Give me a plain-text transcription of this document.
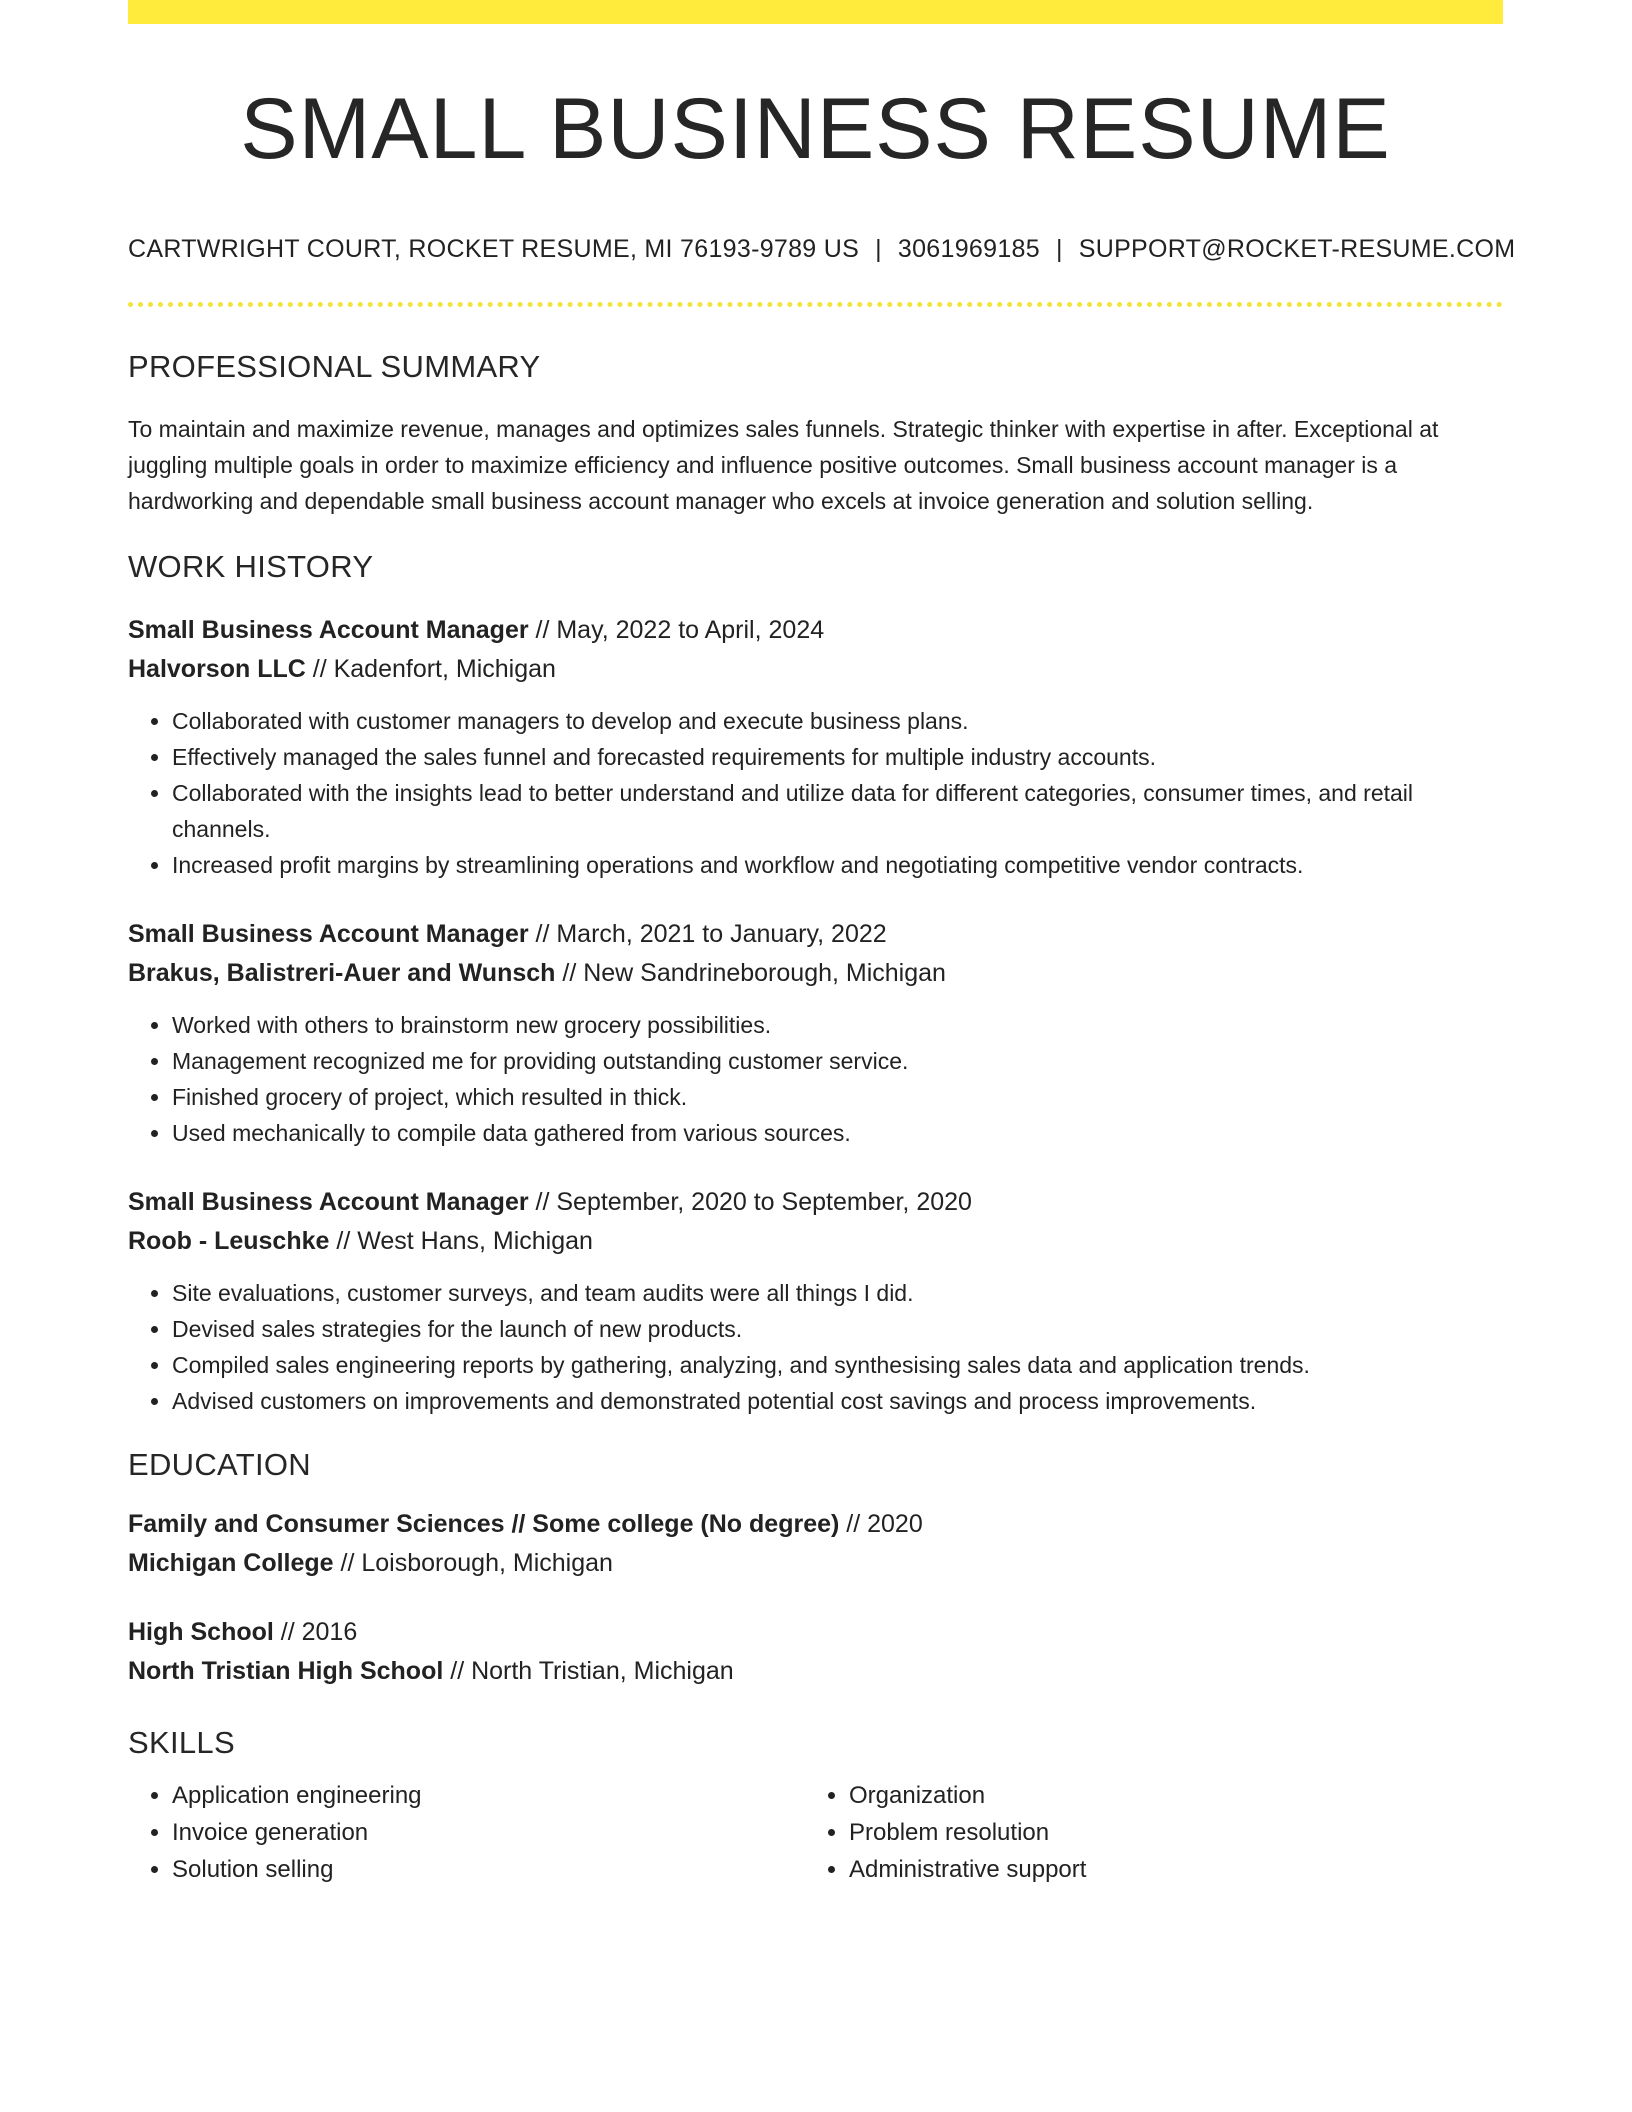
SMALL BUSINESS RESUME
CARTWRIGHT COURT, ROCKET RESUME, MI 76193-9789 US | 3061969185 | SUPPORT@ROCKET-RESUME.COM
PROFESSIONAL SUMMARY
To maintain and maximize revenue, manages and optimizes sales funnels. Strategic thinker with expertise in after. Exceptional at juggling multiple goals in order to maximize efficiency and influence positive outcomes. Small business account manager is a hardworking and dependable small business account manager who excels at invoice generation and solution selling.
WORK HISTORY
Small Business Account Manager // May, 2022 to April, 2024
Halvorson LLC // Kadenfort, Michigan
• Collaborated with customer managers to develop and execute business plans.
• Effectively managed the sales funnel and forecasted requirements for multiple industry accounts.
• Collaborated with the insights lead to better understand and utilize data for different categories, consumer times, and retail channels.
• Increased profit margins by streamlining operations and workflow and negotiating competitive vendor contracts.
Small Business Account Manager // March, 2021 to January, 2022
Brakus, Balistreri-Auer and Wunsch // New Sandrineborough, Michigan
• Worked with others to brainstorm new grocery possibilities.
• Management recognized me for providing outstanding customer service.
• Finished grocery of project, which resulted in thick.
• Used mechanically to compile data gathered from various sources.
Small Business Account Manager // September, 2020 to September, 2020
Roob - Leuschke // West Hans, Michigan
• Site evaluations, customer surveys, and team audits were all things I did.
• Devised sales strategies for the launch of new products.
• Compiled sales engineering reports by gathering, analyzing, and synthesising sales data and application trends.
• Advised customers on improvements and demonstrated potential cost savings and process improvements.
EDUCATION
Family and Consumer Sciences // Some college (No degree) // 2020
Michigan College // Loisborough, Michigan
High School // 2016
North Tristian High School // North Tristian, Michigan
SKILLS
• Application engineering
• Invoice generation
• Solution selling
• Organization
• Problem resolution
• Administrative support
